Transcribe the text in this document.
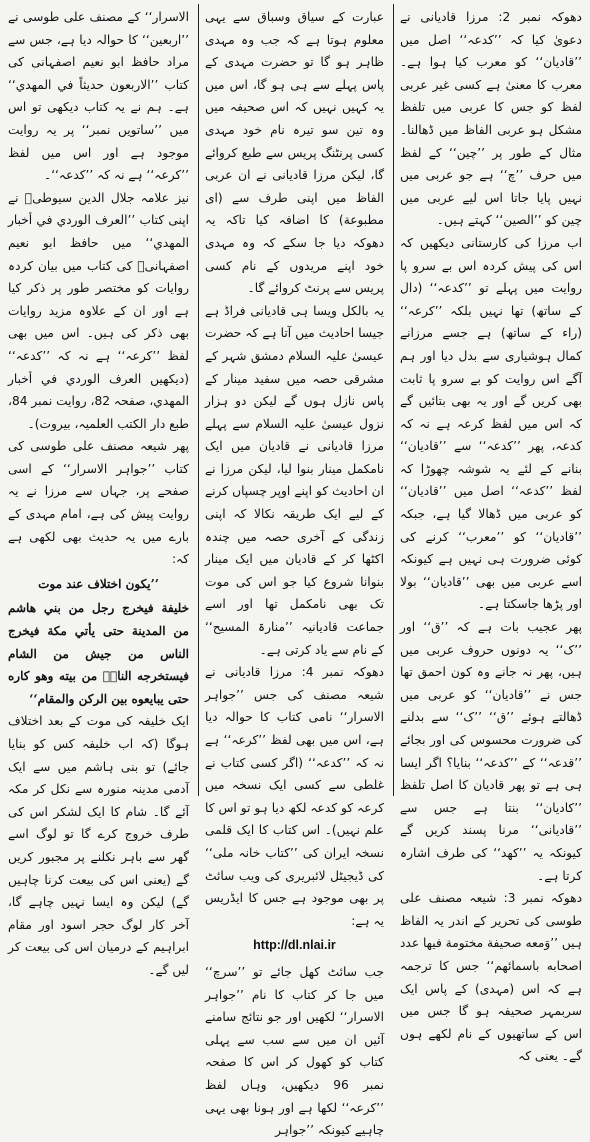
دھوکہ نمبر 2: مرزا قادیانی نے دعویٰ کیا کہ ’’کدعہ‘‘ اصل میں ’’قادیان‘‘ کو معرب کیا ہوا ہے۔ معرب کا معنیٰ ہے کسی غیر عربی لفظ کو جس کا عربی میں تلفظ مشکل ہو عربی الفاظ میں ڈھالنا۔ مثال کے طور پر ’’چین‘‘ کے لفظ میں حرف ’’چ‘‘ ہے جو عربی میں نہیں پایا جاتا اس لیے عربی میں چین کو ’’الصین‘‘ کہتے ہیں۔

اب مرزا کی کارستانی دیکھیں کہ اس کی پیش کردہ اس بے سرو پا روایت میں پہلے تو ’’کدعہ‘‘ (دال کے ساتھ) تھا نہیں بلکہ ’’کرعہ‘‘ (راء کے ساتھ) ہے جسے مرزانے کمال ہوشیاری سے بدل دیا اور ہم آگے اس روایت کو بے سرو پا ثابت بھی کریں گے اور یہ بھی بتائیں گے کہ اس میں لفظ کرعہ ہے نہ کہ کدعہ، پھر ’’کدعہ‘‘ سے ’’قادیان‘‘ بنانے کے لئے یہ شوشہ چھوڑا کہ لفظ ’’کدعہ‘‘ اصل میں ’’قادیان‘‘ کو عربی میں ڈھالا گیا ہے، جبکہ ’’قادیان‘‘ کو ’’معرب‘‘ کرنے کی کوئی ضرورت ہی نہیں ہے کیونکہ اسے عربی میں بھی ’’قادیان‘‘ بولا اور پڑھا جاسکتا ہے۔

پھر عجیب بات ہے کہ ’’ق‘‘ اور ’’ک‘‘ یہ دونوں حروف عربی میں ہیں، پھر نہ جانے وہ کون احمق تھا جس نے ’’قادیان‘‘ کو عربی میں ڈھالتے ہوئے ’’ق‘‘ ’’ک‘‘ سے بدلنے کی ضرورت محسوس کی اور بجائے ’’قدعہ‘‘ کے ’’کدعہ‘‘ بنایا؟ اگر ایسا ہی ہے تو پھر قادیان کا اصل تلفظ ’’کادیان‘‘ بنتا ہے جس سے ’’قادیانی‘‘ مرنا پسند کریں گے کیونکہ یہ ’’کھد‘‘ کی طرف اشارہ کرتا ہے۔

دھوکہ نمبر 3: شیعہ مصنف علی طوسی کی تحریر کے اندر یہ الفاظ ہیں ’’وَمعه صحيفة مختومة فيها عدد اصحابه باسمائهم‘‘ جس کا ترجمہ ہے کہ اس (مہدی) کے پاس ایک سربمہر صحیفہ ہو گا جس میں اس کے ساتھیوں کے نام لکھے ہوں گے۔ یعنی کہ

عبارت کے سیاق وسباق سے یہی معلوم ہوتا ہے کہ جب وہ مہدی ظاہر ہو گا تو حضرت مہدی کے پاس پہلے سے ہی ہو گا، اس میں یہ کہیں نہیں کہ اس صحیفہ میں وہ تین سو تیرہ نام خود مہدی کسی پرنٹنگ پریس سے طبع کروائے گا، لیکن مرزا قادیانی نے ان عربی الفاظ میں اپنی طرف سے (ای مطبوعة) کا اضافہ کیا تاکہ یہ دھوکہ دیا جا سکے کہ وہ مہدی خود اپنے مریدوں کے نام کسی پریس سے پرنٹ کروائے گا۔

یہ بالکل ویسا ہی قادیانی فراڈ ہے جیسا احادیث میں آتا ہے کہ حضرت عیسیٰ علیہ السلام دمشق شہر کے مشرقی حصہ میں سفید مینار کے پاس نازل ہوں گے لیکن دو ہزار نزول عیسیٰ علیہ السلام سے پہلے مرزا قادیانی نے قادیان میں ایک نامکمل مینار بنوا لیا، لیکن مرزا نے ان احادیث کو اپنے اوپر چسپاں کرنے کے لیے ایک طریقہ نکالا کہ اپنی زندگی کے آخری حصہ میں چندہ اکٹھا کر کے قادیان میں ایک مینار بنوانا شروع کیا جو اس کی موت تک بھی نامکمل تھا اور اسے جماعت قادیانیہ ’’منارۃ المسیح‘‘ کے نام سے یاد کرتی ہے۔

دھوکہ نمبر 4: مرزا قادیانی نے شیعہ مصنف کی جس ’’جواہر الاسرار‘‘ نامی کتاب کا حوالہ دیا ہے، اس میں بھی لفظ ’’کرعہ‘‘ ہے نہ کہ ’’کدعہ‘‘ (اگر کسی کتاب نے غلطی سے کسی ایک نسخہ میں کرعہ کو کدعہ لکھ دیا ہو تو اس کا علم نہیں)۔ اس کتاب کا ایک قلمی نسخہ ایران کی ’’کتاب خانہ ملی‘‘ کی ڈیجیٹل لائبریری کی ویب سائٹ پر بھی موجود ہے جس کا ایڈریس یہ ہے:

http://dl.nlai.ir

جب سائٹ کھل جائے تو ’’سرچ‘‘ میں جا کر کتاب کا نام ’’جواہر الاسرار‘‘ لکھیں اور جو نتائج سامنے آئیں ان میں سے سب سے پہلی کتاب کو کھول کر اس کا صفحہ نمبر 96 دیکھیں، وہاں لفظ ’’کرعہ‘‘ لکھا ہے اور ہونا بھی یہی چاہیے کیونکہ ’’جواہر

الاسرار‘‘ کے مصنف علی طوسی نے ’’اربعین‘‘ کا حوالہ دیا ہے، جس سے مراد حافظ ابو نعیم اصفہانی کی کتاب ’’الاربعون حديثاً في المهدي‘‘ ہے۔ ہم نے یہ کتاب دیکھی تو اس میں ’’ساتویں نمبر‘‘ پر یہ روایت موجود ہے اور اس میں لفظ ’’کرعہ‘‘ ہے نہ کہ ’’کدعہ‘‘۔

نیز علامہ جلال الدین سیوطیؒ نے اپنی کتاب ’’العرف الوردي في أخبار المهدي‘‘ میں حافظ ابو نعیم اصفہانیؒ کی کتاب میں بیان کردہ روایات کو مختصر طور پر ذکر کیا ہے اور ان کے علاوہ مزید روایات بھی ذکر کی ہیں۔ اس میں بھی لفظ ’’کرعہ‘‘ ہے نہ کہ ’’کدعہ‘‘ (دیکھیں العرف الوردي في أخبار المهدي، صفحہ 82، روایت نمبر 84، طبع دار الکتب العلمیہ، بیروت)۔

پھر شیعہ مصنف علی طوسی کی کتاب ’’جواہر الاسرار‘‘ کے اسی صفحے پر، جہاں سے مرزا نے یہ روایت پیش کی ہے، امام مہدی کے بارے میں یہ حدیث بھی لکھی ہے کہ:

’’يكون اختلاف عند موت

خليفة فيخرج رجل من بني هاشم من المدينة حتى يأتي مكة فيخرج الناس من جيش من الشام فيستخرجه الناسؑ من بيته وهو كاره حتى يبايعوه بين الركن والمقام‘‘

ایک خلیفہ کی موت کے بعد اختلاف ہوگا (کہ اب خلیفہ کس کو بنایا جائے) تو بنی ہاشم میں سے ایک آدمی مدینہ منورہ سے نکل کر مکہ آئے گا۔ شام کا ایک لشکر اس کی طرف خروج کرے گا تو لوگ اسے گھر سے باہر نکلنے پر مجبور کریں گے (یعنی اس کی بیعت کرنا چاہیں گے) لیکن وہ ایسا نہیں چاہے گا، آخر کار لوگ حجر اسود اور مقام ابراہیم کے درمیان اس کی بیعت کر لیں گے۔
